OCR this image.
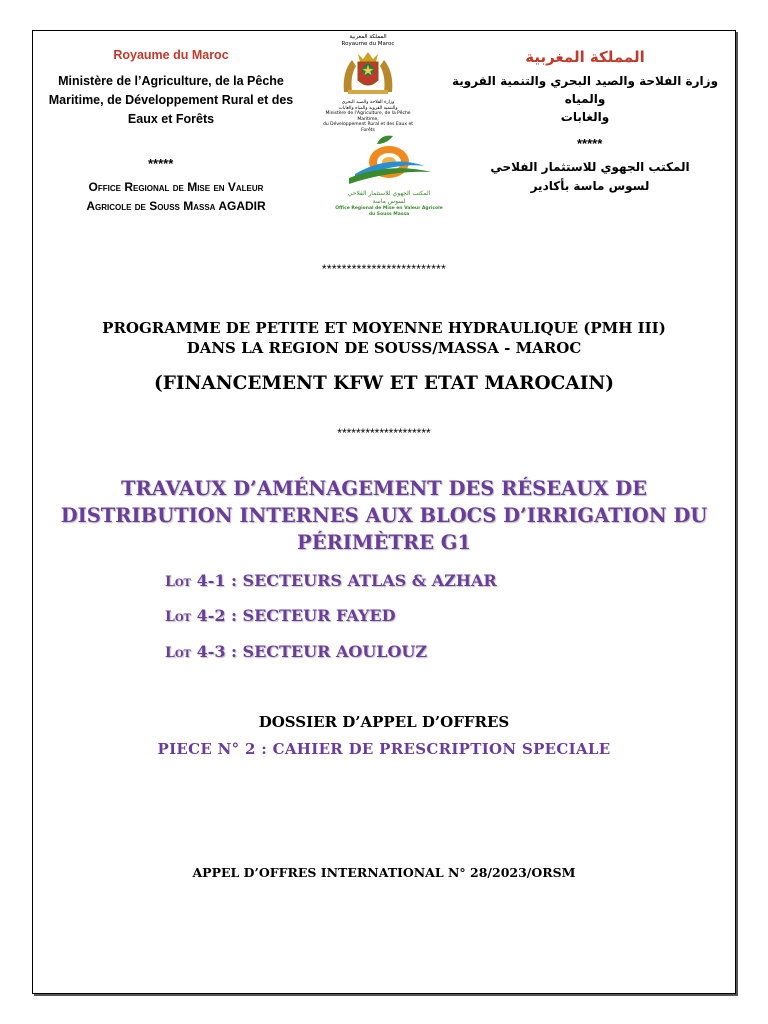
Royaume du Maroc
Ministère de l’Agriculture, de la Pêche
Maritime, de Développement Rural et des
Eaux et Forêts
*****
Office Regional de Mise en Valeur
Agricole de Souss Massa AGADIR
المملكة المغربية
Royaume du Maroc
وزارة الفلاحة والصيد البحري
والتنمية القروية والمياه والغابات
Ministère de l'Agriculture, de la Pêche Maritime,
du Développement Rural et des Eaux et Forêts
المكتب الجهوي للاستثمار الفلاحي
لسوس ماسة
Office Regional de Mise en Valeur Agricole
du Souss Massa
المملكة المغربية
وزارة الفلاحة والصيد البحري والتنمية القروية والمياه
والغابات
*****
المكتب الجهوي للاستثمار الفلاحي
لسوس ماسة بأكادير
*************************
PROGRAMME DE PETITE ET MOYENNE HYDRAULIQUE (PMH III)
DANS LA REGION DE SOUSS/MASSA - MAROC
(FINANCEMENT KFW ET ETAT MAROCAIN)
********************
TRAVAUX D’AMÉNAGEMENT DES RÉSEAUX DE
DISTRIBUTION INTERNES AUX BLOCS D’IRRIGATION DU
PÉRIMÈTRE G1
Lot 4-1 : SECTEURS ATLAS & AZHAR
Lot 4-2 : SECTEUR FAYED
Lot 4-3 : SECTEUR AOULOUZ
DOSSIER D’APPEL D’OFFRES
PIECE N° 2 : CAHIER DE PRESCRIPTION SPECIALE
APPEL D’OFFRES INTERNATIONAL N° 28/2023/ORSM
